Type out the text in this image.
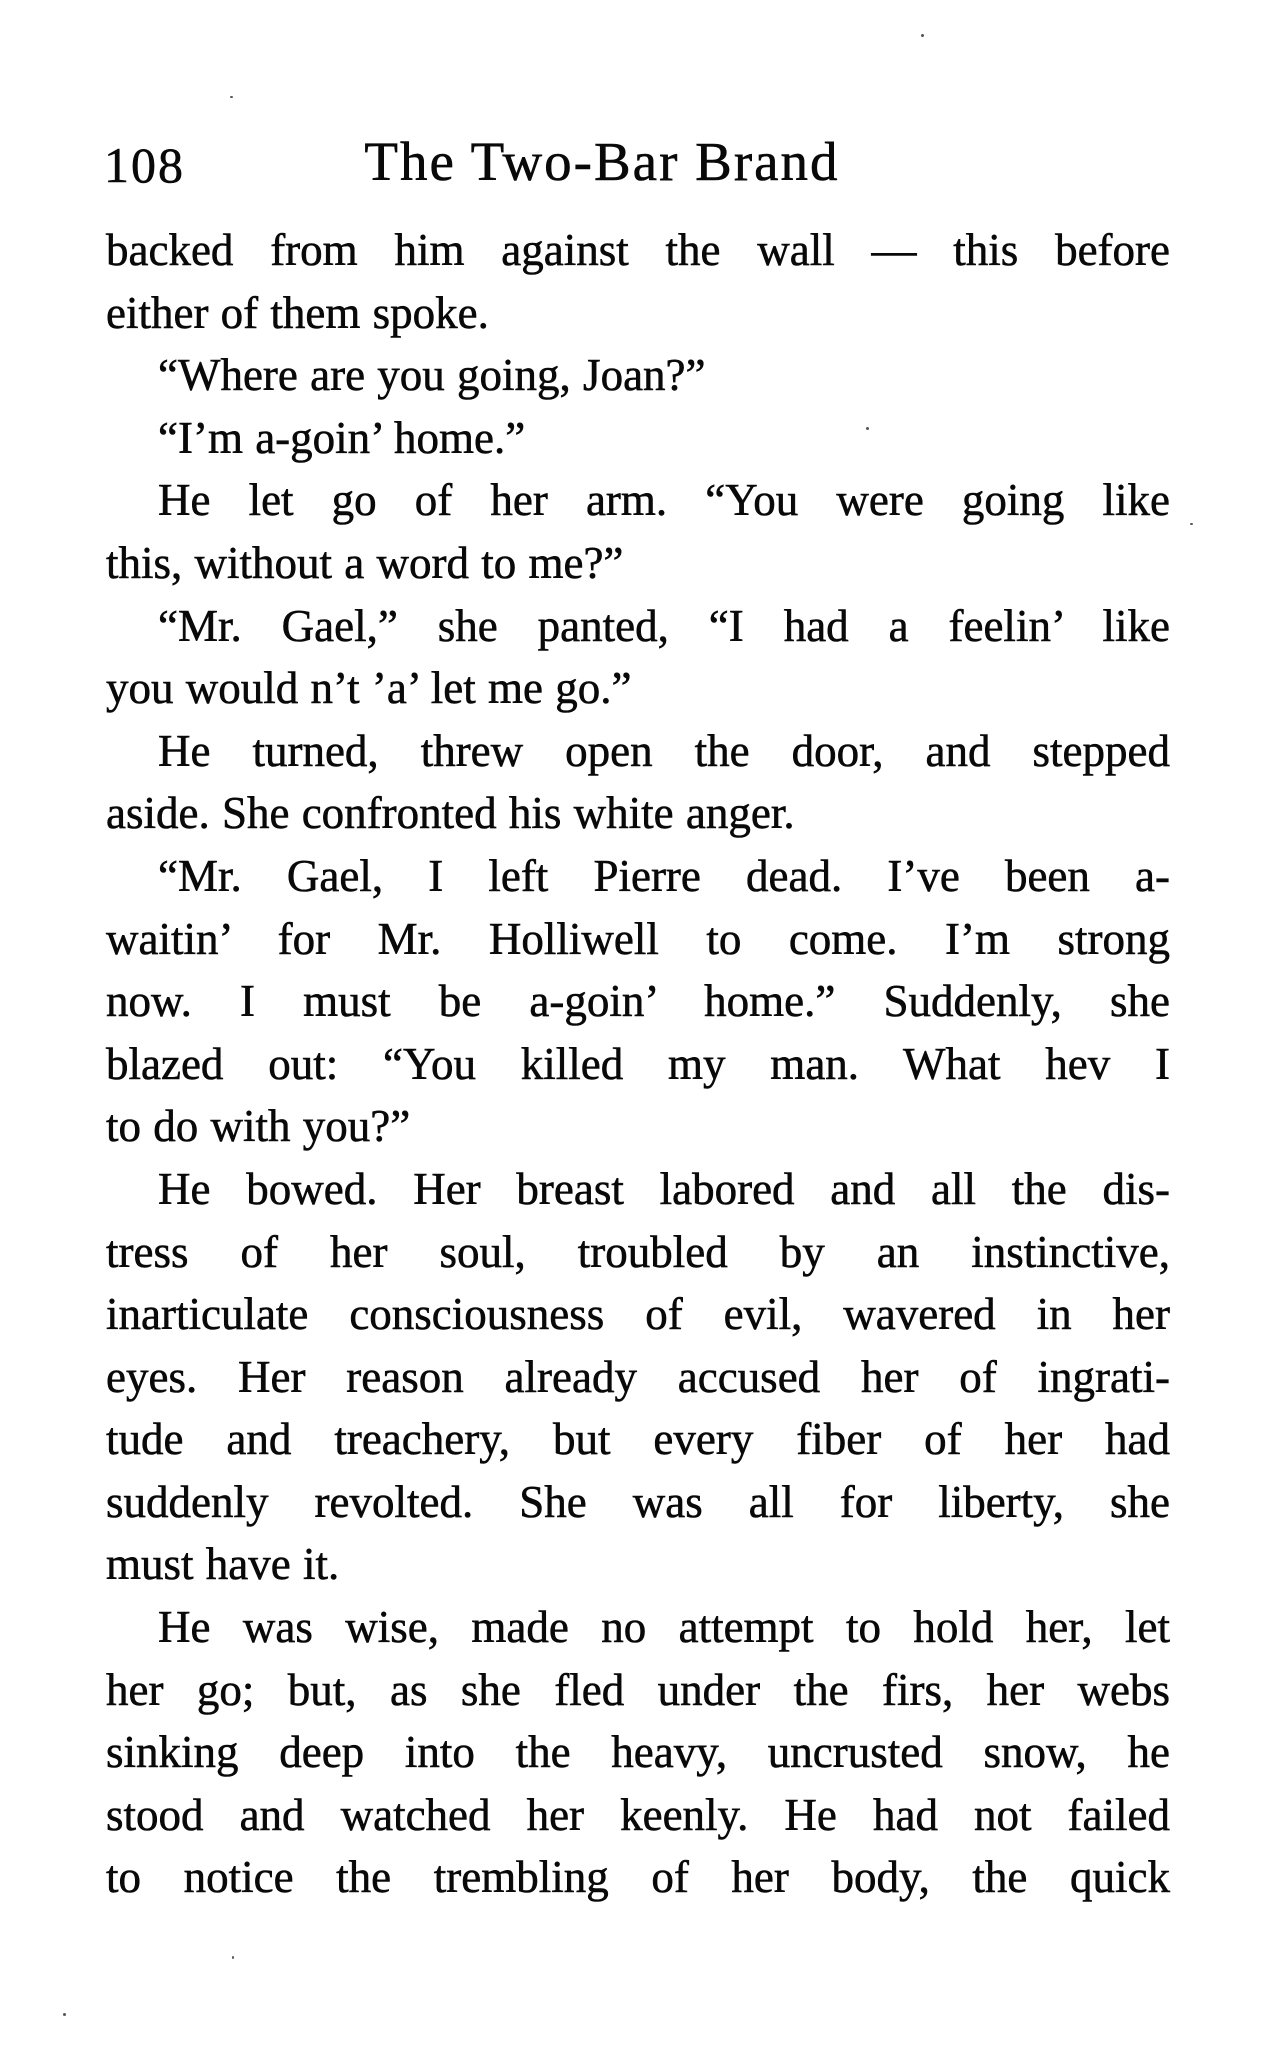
108	The Two-Bar Brand
backed from him against the wall — this before
either of them spoke.
“Where are you going, Joan?”
“I’m a-goin’ home.”
He let go of her arm. “You were going like
this, without a word to me?”
“Mr. Gael,” she panted, “I had a feelin’ like
you would n’t ’a’ let me go.”
He turned, threw open the door, and stepped
aside. She confronted his white anger.
“Mr. Gael, I left Pierre dead. I’ve been a-
waitin’ for Mr. Holliwell to come. I’m strong
now. I must be a-goin’ home.” Suddenly, she
blazed out: “You killed my man. What hev I
to do with you?”
He bowed. Her breast labored and all the dis-
tress of her soul, troubled by an instinctive,
inarticulate consciousness of evil, wavered in her
eyes. Her reason already accused her of ingrati-
tude and treachery, but every fiber of her had
suddenly revolted. She was all for liberty, she
must have it.
He was wise, made no attempt to hold her, let
her go; but, as she fled under the firs, her webs
sinking deep into the heavy, uncrusted snow, he
stood and watched her keenly. He had not failed
to notice the trembling of her body, the quick
